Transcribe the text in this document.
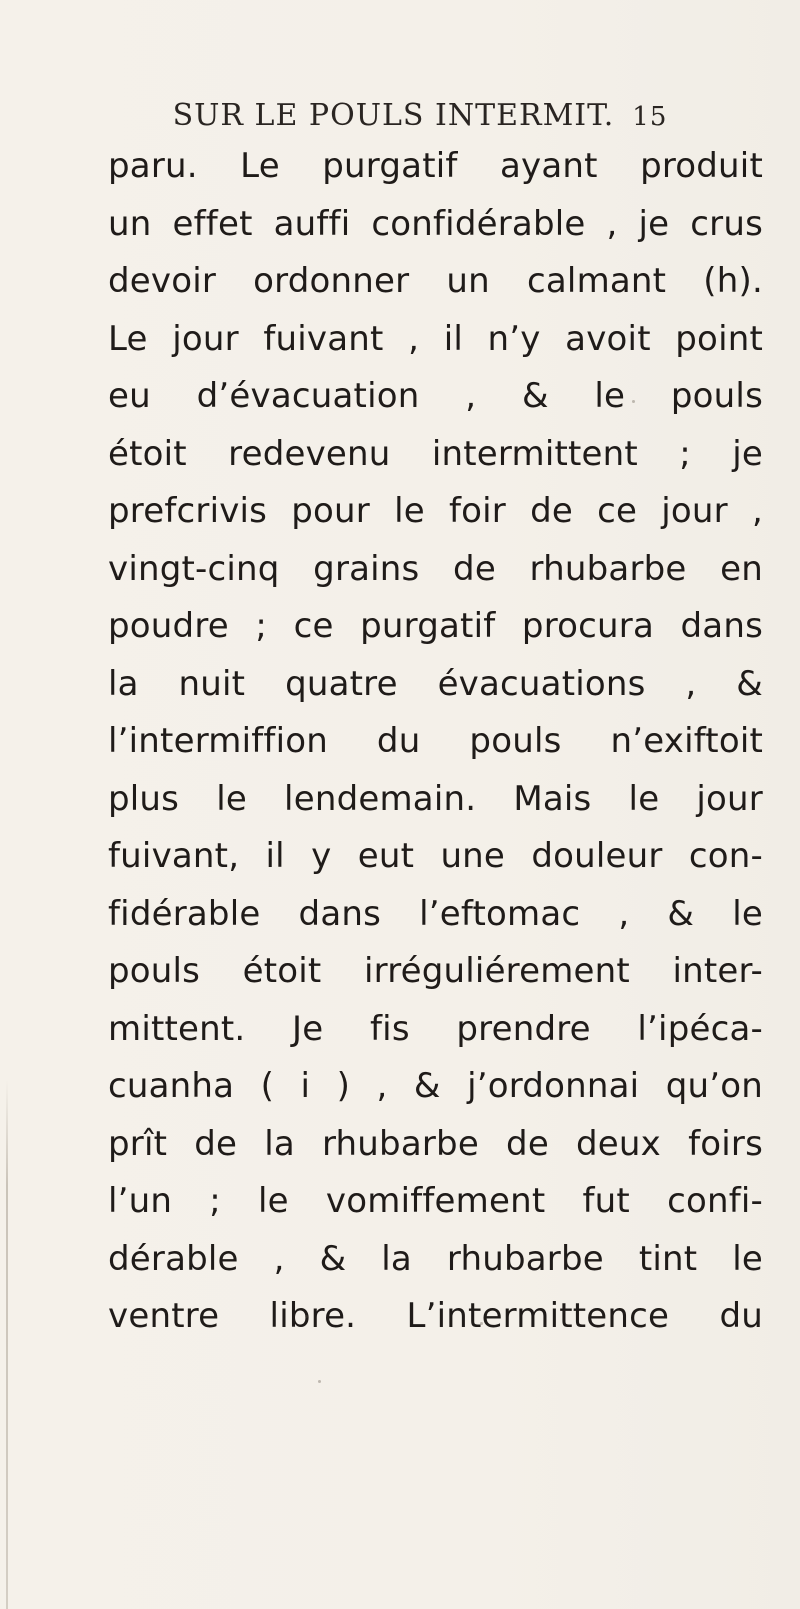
SUR LE POULS INTERMIT. 15
paru. Le purgatif ayant produit
un effet auffi confidérable , je crus
devoir ordonner un calmant (h).
Le jour fuivant , il n’y avoit point
eu d’évacuation , & le pouls
étoit redevenu intermittent ; je
prefcrivis pour le foir de ce jour ,
vingt-cinq grains de rhubarbe en
poudre ; ce purgatif procura dans
la nuit quatre évacuations , &
l’intermiffion du pouls n’exiftoit
plus le lendemain. Mais le jour
fuivant, il y eut une douleur con-
fidérable dans l’eftomac , & le
pouls étoit irréguliérement inter-
mittent. Je fis prendre l’ipéca-
cuanha ( i ) , & j’ordonnai qu’on
prît de la rhubarbe de deux foirs
l’un ; le vomiffement fut confi-
dérable , & la rhubarbe tint le
ventre libre. L’intermittence du
